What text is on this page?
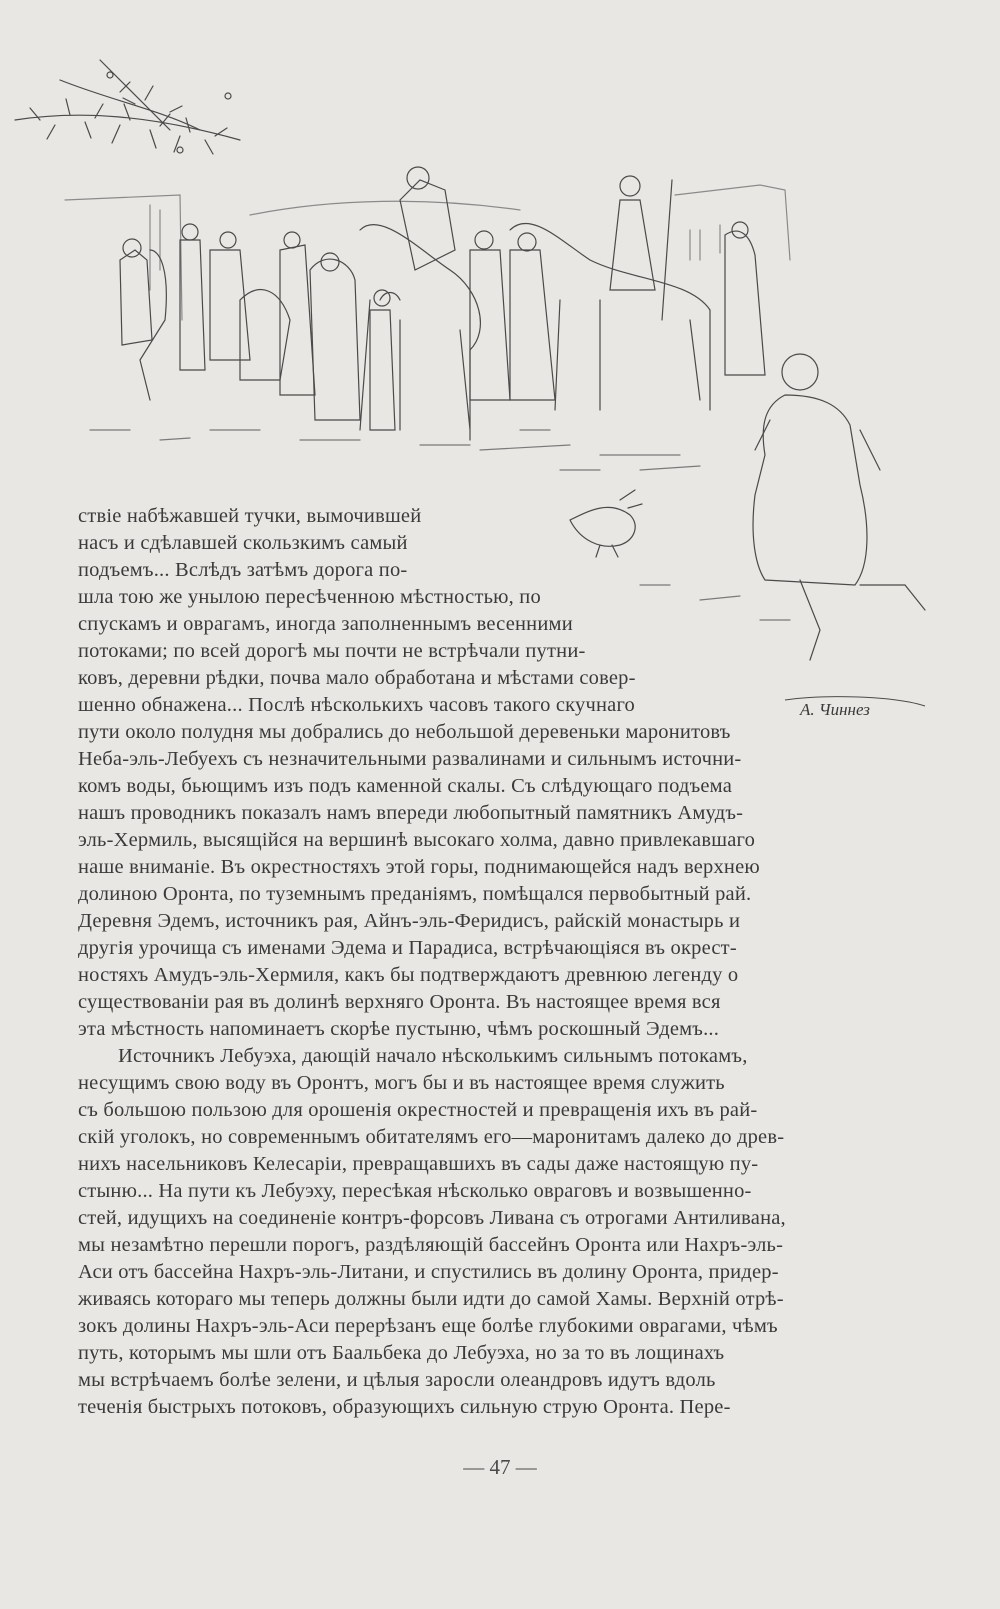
А. Чиннез

ствіе набѣжавшей тучки, вымочившей

насъ и сдѣлавшей скользкимъ самый

подъемъ... Вслѣдъ затѣмъ дорога по-

шла тою же унылою пересѣченною мѣстностью, по

спускамъ и оврагамъ, иногда заполненнымъ весенними

потоками; по всей дорогѣ мы почти не встрѣчали путни-

ковъ, деревни рѣдки, почва мало обработана и мѣстами совер-

шенно обнажена... Послѣ нѣсколькихъ часовъ такого скучнаго

пути около полудня мы добрались до небольшой деревеньки маронитовъ

Неба-эль-Лебуехъ съ незначительными развалинами и сильнымъ источни-

комъ воды, бьющимъ изъ подъ каменной скалы. Съ слѣдующаго подъема

нашъ проводникъ показалъ намъ впереди любопытный памятникъ Амудъ-

эль-Хермиль, высящійся на вершинѣ высокаго холма, давно привлекавшаго

наше вниманіе. Въ окрестностяхъ этой горы, поднимающейся надъ верхнею

долиною Оронта, по туземнымъ преданіямъ, помѣщался первобытный рай.

Деревня Эдемъ, источникъ рая, Айнъ-эль-Феридисъ, райскій монастырь и

другія урочища съ именами Эдема и Парадиса, встрѣчающіяся въ окрест-

ностяхъ Амудъ-эль-Хермиля, какъ бы подтверждаютъ древнюю легенду о

существованіи рая въ долинѣ верхняго Оронта. Въ настоящее время вся

эта мѣстность напоминаетъ скорѣе пустыню, чѣмъ роскошный Эдемъ...

Источникъ Лебуэха, дающій начало нѣсколькимъ сильнымъ потокамъ,

несущимъ свою воду въ Оронтъ, могъ бы и въ настоящее время служить

съ большою пользою для орошенія окрестностей и превращенія ихъ въ рай-

скій уголокъ, но современнымъ обитателямъ его—маронитамъ далеко до древ-

нихъ насельниковъ Келесаріи, превращавшихъ въ сады даже настоящую пу-

стыню... На пути къ Лебуэху, пересѣкая нѣсколько овраговъ и возвышенно-

стей, идущихъ на соединеніе контръ-форсовъ Ливана съ отрогами Антиливана,

мы незамѣтно перешли порогъ, раздѣляющій бассейнъ Оронта или Нахръ-эль-

Аси отъ бассейна Нахръ-эль-Литани, и спустились въ долину Оронта, придер-

живаясь котораго мы теперь должны были идти до самой Хамы. Верхній отрѣ-

зокъ долины Нахръ-эль-Аси перерѣзанъ еще болѣе глубокими оврагами, чѣмъ

путь, которымъ мы шли отъ Баальбека до Лебуэха, но за то въ лощинахъ

мы встрѣчаемъ болѣе зелени, и цѣлыя заросли олеандровъ идутъ вдоль

теченія быстрыхъ потоковъ, образующихъ сильную струю Оронта. Пере-

— 47 —
